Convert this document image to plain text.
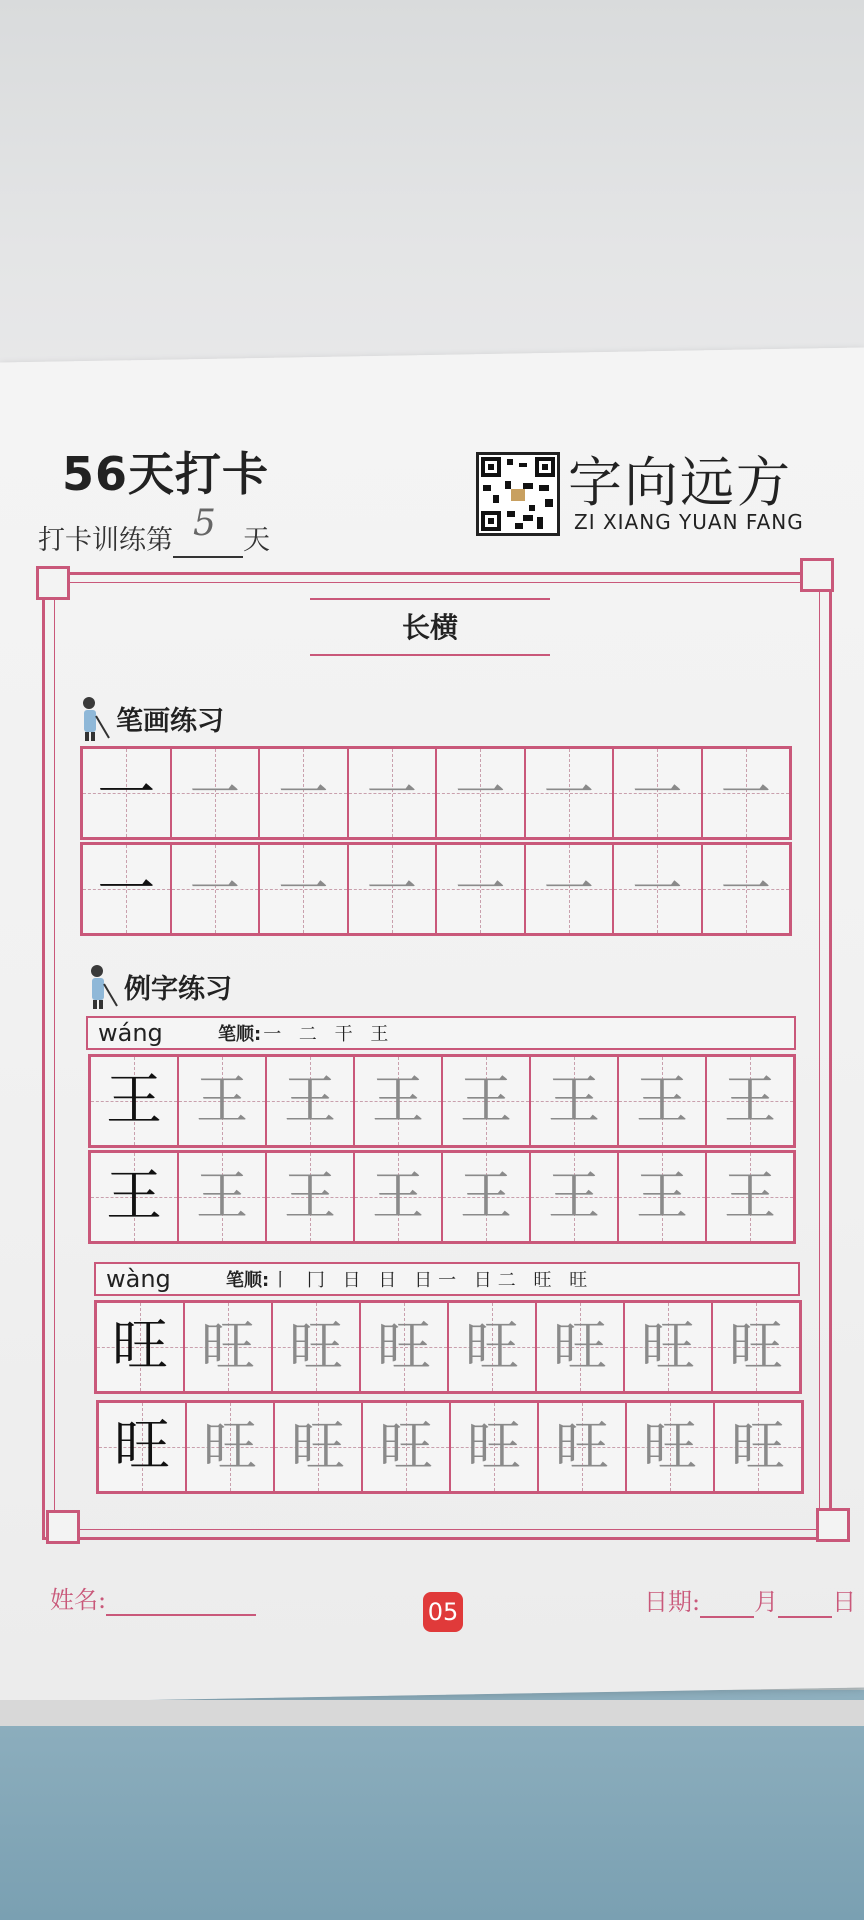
56天打卡
打卡训练第 5 天
字向远方
ZI XIANG YUAN FANG
长横
笔画练习
一 一 一 一 一 一 一 一
一 一 一 一 一 一 一 一
例字练习
wáng	笔顺: 一 二 干 王
王 王 王 王 王 王 王 王
王 王 王 王 王 王 王 王
wàng	笔顺: 丨 冂 日 日 日一 日二 旺 旺
旺 旺 旺 旺 旺 旺 旺 旺
旺 旺 旺 旺 旺 旺 旺 旺
姓名:	05	日期: 月 日
